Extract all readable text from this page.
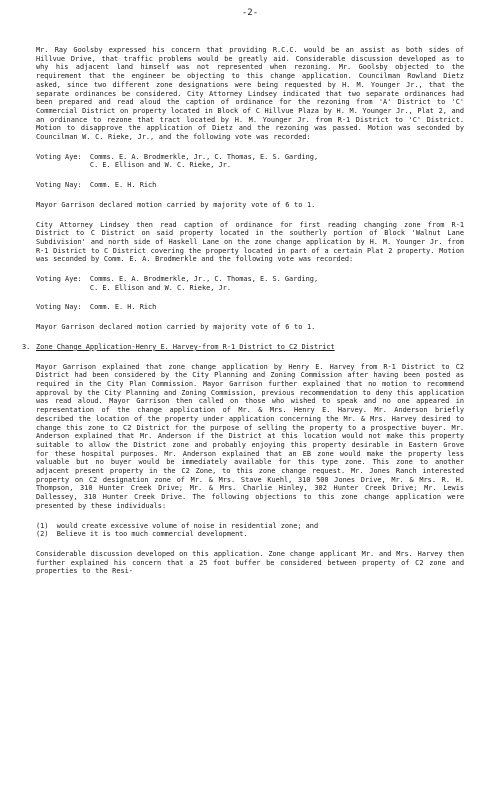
-2-

Mr. Ray Goolsby expressed his concern that providing R.C.C. would be an assist as both sides of Hillvue Drive, that traffic problems would be greatly aid. Considerable discussion developed as to why his adjacent land himself was not represented when rezoning. Mr. Goolsby objected to the requirement that the engineer be objecting to this change application. Councilman Rowland Dietz asked, since two different zone designations were being requested by H. M. Younger Jr., that the separate ordinances be considered. City Attorney Lindsey indicated that two separate ordinances had been prepared and read aloud the caption of ordinance for the rezoning from 'A' District to 'C' Commercial District on property located in Block of C Hillvue Plaza by H. M. Younger Jr., Plat 2, and an ordinance to rezone that tract located by H. M. Younger Jr. from R-1 District to 'C' District. Motion to disapprove the application of Dietz and the rezoning was passed. Motion was seconded by Councilman W. C. Rieke, Jr., and the following vote was recorded:

Voting Aye:  Comms. E. A. Brodmerkle, Jr., C. Thomas, E. S. Garding,
C. E. Ellison and W. C. Rieke, Jr.
Voting Nay:  Comm. E. H. Rich

Mayor Garrison declared motion carried by majority vote of 6 to 1.

City Attorney Lindsey then read caption of ordinance for first reading changing zone from R-1 District to C District on said property located in the southerly portion of Block 'Walnut Lane Subdivision' and north side of Haskell Lane on the zone change application by H. M. Younger Jr. from R-1 District to C District covering the property located in part of a certain Plat 2 property. Motion was seconded by Comm. E. A. Brodmerkle and the following vote was recorded:

Voting Aye:  Comms. E. A. Brodmerkle, Jr., C. Thomas, E. S. Garding,
C. E. Ellison and W. C. Rieke, Jr.
Voting Nay:  Comm. E. H. Rich

Mayor Garrison declared motion carried by majority vote of 6 to 1.

3. Zone Change Application-Henry E. Harvey-from R-1 District to C2 District

Mayor Garrison explained that zone change application by Henry E. Harvey from R-1 District to C2 District had been considered by the City Planning and Zoning Commission after having been posted as required in the City Plan Commission. Mayor Garrison further explained that no motion to recommend approval by the City Planning and Zoning Commission, previous recommendation to deny this application was read aloud. Mayor Garrison then called on those who wished to speak and no one appeared in representation of the change application of Mr. & Mrs. Henry E. Harvey. Mr. Anderson briefly described the location of the property under application concerning the Mr. & Mrs. Harvey desired to change this zone to C2 District for the purpose of selling the property to a prospective buyer. Mr. Anderson explained that Mr. Anderson if the District at this location would not make this property suitable to allow the District zone and probably enjoying this property desirable in Eastern Grove for these hospital purposes. Mr. Anderson explained that an EB zone would make the property less valuable but no buyer would be immediately available for this type zone. This zone to another adjacent present property in the C2 Zone, to this zone change request. Mr. Jones Ranch interested property on C2 designation zone of Mr. & Mrs. Stave Kuehl, 310 500 Jones Drive, Mr. & Mrs. R. H. Thompson, 310 Hunter Creek Drive; Mr. & Mrs. Charlie Hinley, 302 Hunter Creek Drive; Mr. Lewis Dallessey, 310 Hunter Creek Drive. The following objections to this zone change application were presented by these individuals:

(1)  would create excessive volume of noise in residential zone; and
(2)  Believe it is too much commercial development.

Considerable discussion developed on this application. Zone change applicant Mr. and Mrs. Harvey then further explained his concern that a 25 foot buffer be considered between property of C2 zone and properties to the Resi-
